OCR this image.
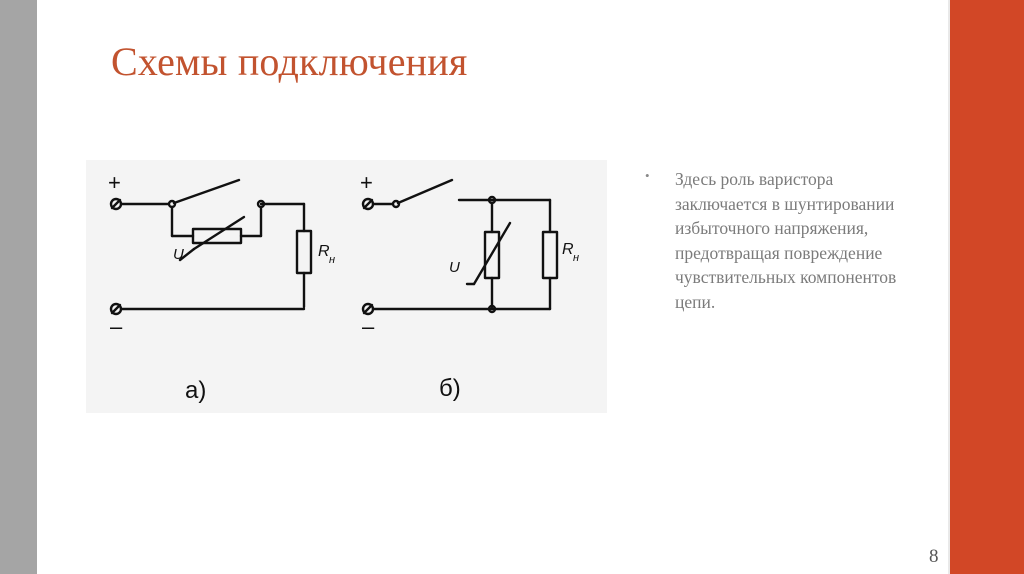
Схемы подключения
+
–
U	R н
а)
+
–
U
R н
б)
• Здесь роль варистора заключается в шунтировании избыточного напряжения, предотвращая повреждение чувствительных компонентов цепи.
8
